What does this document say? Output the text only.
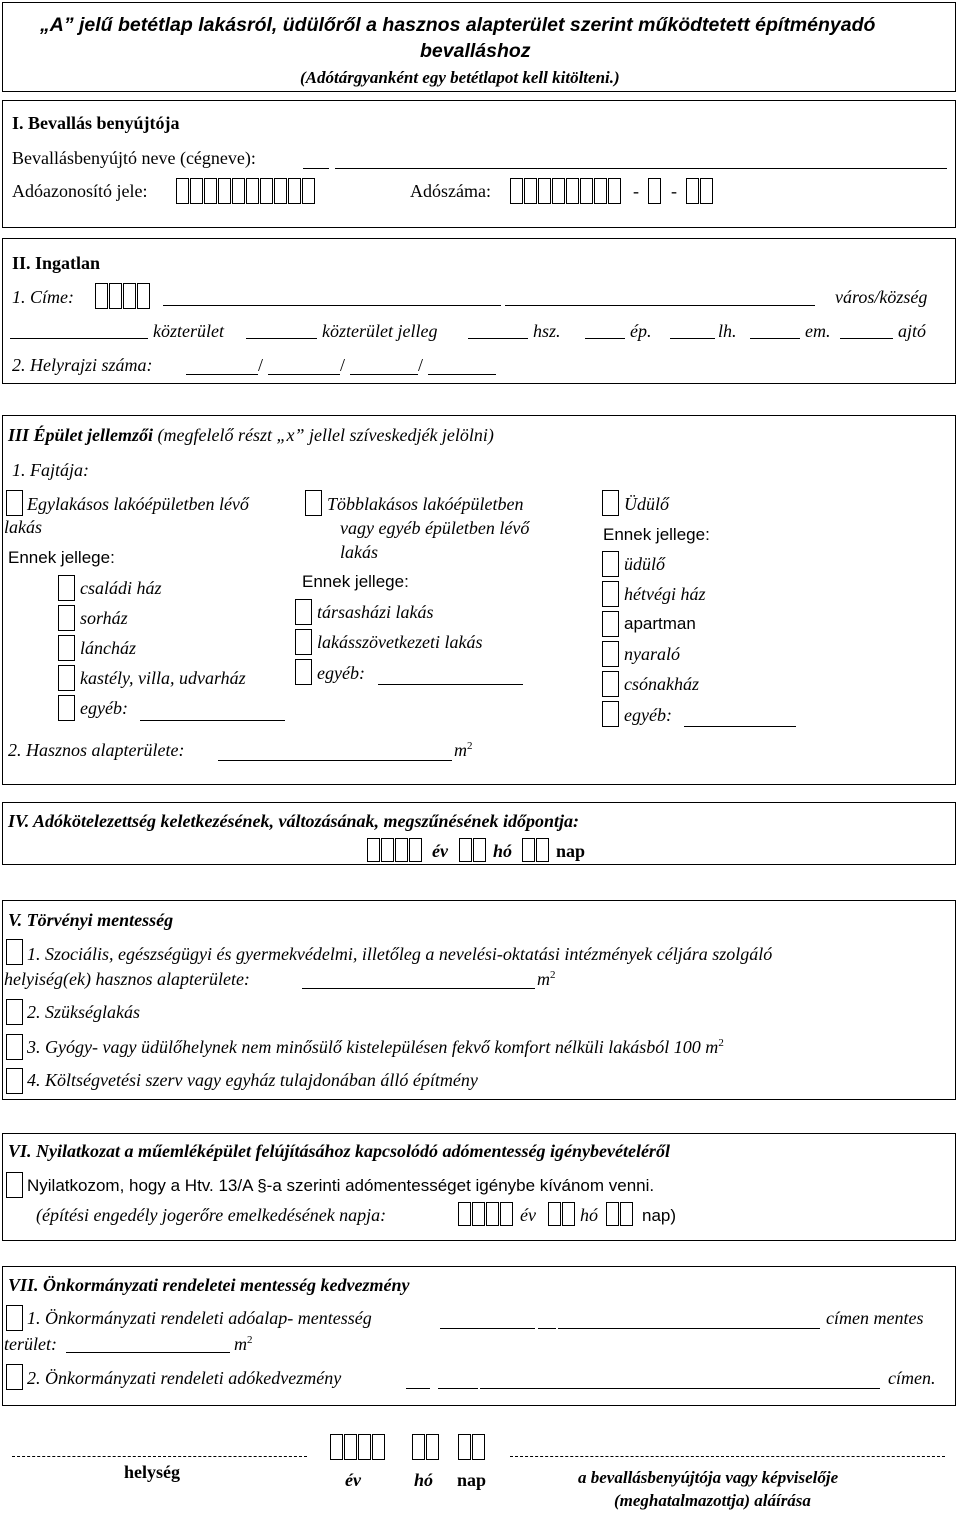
„A” jelű betétlap lakásról, üdülőről a hasznos alapterület szerint működtetett építményadó
bevalláshoz
(Adótárgyanként egy betétlapot kell kitölteni.)
I. Bevallás benyújtója
Bevallásbenyújtó neve (cégneve):
Adóazonosító jele:	Adószáma:	- -
II. Ingatlan
1. Címe:	város/község
közterület	közterület jelleg	hsz.	ép.	lh.	em.	ajtó
2. Helyrajzi száma:	/	/	/
III Épület jellemzői (megfelelő részt „x” jellel szíveskedjék jelölni)
1. Fajtája:
Egylakásos lakóépületben lévő
lakás
Ennek jellege:
családi ház
sorház
láncház
kastély, villa, udvarház
egyéb:
Többlakásos lakóépületben
vagy egyéb épületben lévő
lakás
Ennek jellege:
társasházi lakás
lakásszövetkezeti lakás
egyéb:
Üdülő
Ennek jellege:
üdülő
hétvégi ház
apartman
nyaraló
csónakház
egyéb:
2. Hasznos alapterülete:	$m^2$
IV. Adókötelezettség keletkezésének, változásának, megszűnésének időpontja:
év	hó nap
V. Törvényi mentesség
1. Szociális, egészségügyi és gyermekvédelmi, illetőleg a nevelési-oktatási intézmények céljára szolgáló
helyiség(ek) hasznos alapterülete:	$m^2$
2. Szükséglakás
3. Gyógy- vagy üdülőhelynek nem minősülő kistelepülésen fekvő komfort nélküli lakásból 100 $m^2$
4. Költségvetési szerv vagy egyház tulajdonában álló építmény
VI. Nyilatkozat a műemléképület felújításához kapcsolódó adómentesség igénybevételéről
Nyilatkozom, hogy a Htv. 13/A §-a szerinti adómentességet igénybe kívánom venni.
(építési engedély jogerőre emelkedésének napja:	év hó	nap)
VII. Önkormányzati rendeletei mentesség kedvezmény
1. Önkormányzati rendeleti adóalap- mentesség	címen mentes
terület:	$m^2$
2. Önkormányzati rendeleti adókedvezmény	címen.
helység	év	hó nap	a bevallásbenyújtója vagy képviselője
(meghatalmazottja) aláírása
